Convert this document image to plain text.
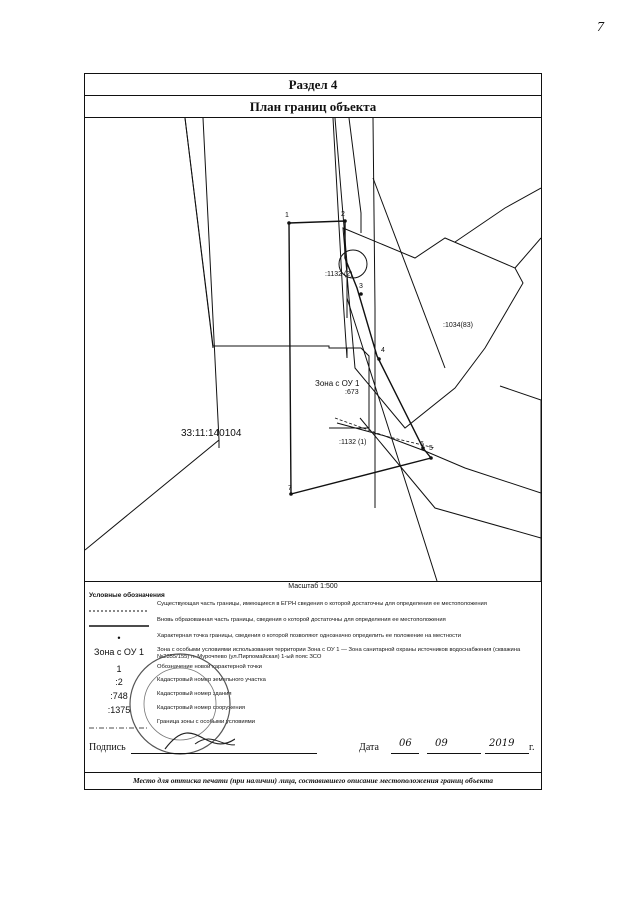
7
Раздел 4
План границ объекта
1	2
3
4
5
6
7
:1132 (2)
:1034(83)
:1132 (1)
:673
Зона с ОУ 1
33:11:140104
Масштаб 1:500
Условные обозначения
Существующая часть границы, имеющиеся в ЕГРН сведения о которой достаточны для определения ее местоположения
Вновь образованная часть границы, сведения о которой достаточны для определения ее местоположения
•	Характерная точка границы, сведения о которой позволяют однозначно определить ее положение на местности
Зона с ОУ 1	Зона с особыми условиями использования территории Зона с ОУ 1 — Зона санитарной охраны источников водоснабжения (скважина №2355/155) п. Мурочпево (ул.Пирпомайская) 1-ый пояс ЗСО
1	Обозначение новой характерной точки
:2	Кадастровый номер земельного участка
:748	Кадастровый номер здания
:1375	Кадастровый номер сооружения
Граница зоны с особыми условиями
Подпись	Дата 06 09	2019 г.
Место для оттиска печати (при наличии) лица, составившего описание местоположения границ объекта
